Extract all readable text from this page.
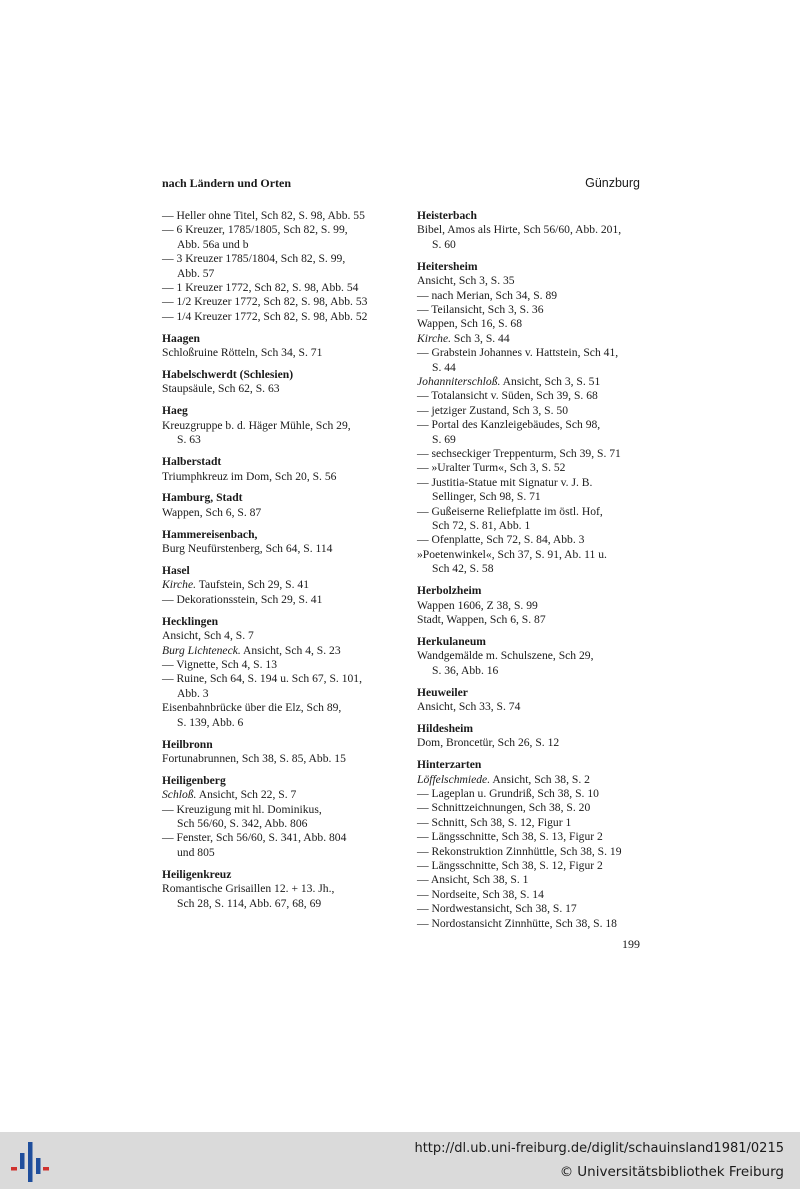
nach Ländern und Orten	Günzburg
— Heller ohne Titel, Sch 82, S. 98, Abb. 55
— 6 Kreuzer, 1785/1805, Sch 82, S. 99,
Abb. 56a und b
— 3 Kreuzer 1785/1804, Sch 82, S. 99,
Abb. 57
— 1 Kreuzer 1772, Sch 82, S. 98, Abb. 54
— 1/2 Kreuzer 1772, Sch 82, S. 98, Abb. 53
— 1/4 Kreuzer 1772, Sch 82, S. 98, Abb. 52
Haagen
Schloßruine Rötteln, Sch 34, S. 71
Habelschwerdt (Schlesien)
Staupsäule, Sch 62, S. 63
Haeg
Kreuzgruppe b. d. Häger Mühle, Sch 29,
S. 63
Halberstadt
Triumphkreuz im Dom, Sch 20, S. 56
Hamburg, Stadt
Wappen, Sch 6, S. 87
Hammereisenbach,
Burg Neufürstenberg, Sch 64, S. 114
Hasel
Kirche. Taufstein, Sch 29, S. 41
— Dekorationsstein, Sch 29, S. 41
Hecklingen
Ansicht, Sch 4, S. 7
Burg Lichteneck. Ansicht, Sch 4, S. 23
— Vignette, Sch 4, S. 13
— Ruine, Sch 64, S. 194 u. Sch 67, S. 101,
Abb. 3
Eisenbahnbrücke über die Elz, Sch 89,
S. 139, Abb. 6
Heilbronn
Fortunabrunnen, Sch 38, S. 85, Abb. 15
Heiligenberg
Schloß. Ansicht, Sch 22, S. 7
— Kreuzigung mit hl. Dominikus,
Sch 56/60, S. 342, Abb. 806
— Fenster, Sch 56/60, S. 341, Abb. 804
und 805
Heiligenkreuz
Romantische Grisaillen 12. + 13. Jh.,
Sch 28, S. 114, Abb. 67, 68, 69
Heisterbach
Bibel, Amos als Hirte, Sch 56/60, Abb. 201,
S. 60
Heitersheim
Ansicht, Sch 3, S. 35
— nach Merian, Sch 34, S. 89
— Teilansicht, Sch 3, S. 36
Wappen, Sch 16, S. 68
Kirche. Sch 3, S. 44
— Grabstein Johannes v. Hattstein, Sch 41,
S. 44
Johanniterschloß. Ansicht, Sch 3, S. 51
— Totalansicht v. Süden, Sch 39, S. 68
— jetziger Zustand, Sch 3, S. 50
— Portal des Kanzleigebäudes, Sch 98,
S. 69
— sechseckiger Treppenturm, Sch 39, S. 71
— »Uralter Turm«, Sch 3, S. 52
— Justitia-Statue mit Signatur v. J. B.
Sellinger, Sch 98, S. 71
— Gußeiserne Reliefplatte im östl. Hof,
Sch 72, S. 81, Abb. 1
— Ofenplatte, Sch 72, S. 84, Abb. 3
»Poetenwinkel«, Sch 37, S. 91, Ab. 11 u.
Sch 42, S. 58
Herbolzheim
Wappen 1606, Z 38, S. 99
Stadt, Wappen, Sch 6, S. 87
Herkulaneum
Wandgemälde m. Schulszene, Sch 29,
S. 36, Abb. 16
Heuweiler
Ansicht, Sch 33, S. 74
Hildesheim
Dom, Broncetür, Sch 26, S. 12
Hinterzarten
Löffelschmiede. Ansicht, Sch 38, S. 2
— Lageplan u. Grundriß, Sch 38, S. 10
— Schnittzeichnungen, Sch 38, S. 20
— Schnitt, Sch 38, S. 12, Figur 1
— Längsschnitte, Sch 38, S. 13, Figur 2
— Rekonstruktion Zinnhüttle, Sch 38, S. 19
— Längsschnitte, Sch 38, S. 12, Figur 2
— Ansicht, Sch 38, S. 1
— Nordseite, Sch 38, S. 14
— Nordwestansicht, Sch 38, S. 17
— Nordostansicht Zinnhütte, Sch 38, S. 18
199
http://dl.ub.uni-freiburg.de/diglit/schauinsland1981/0215
© Universitätsbibliothek Freiburg
